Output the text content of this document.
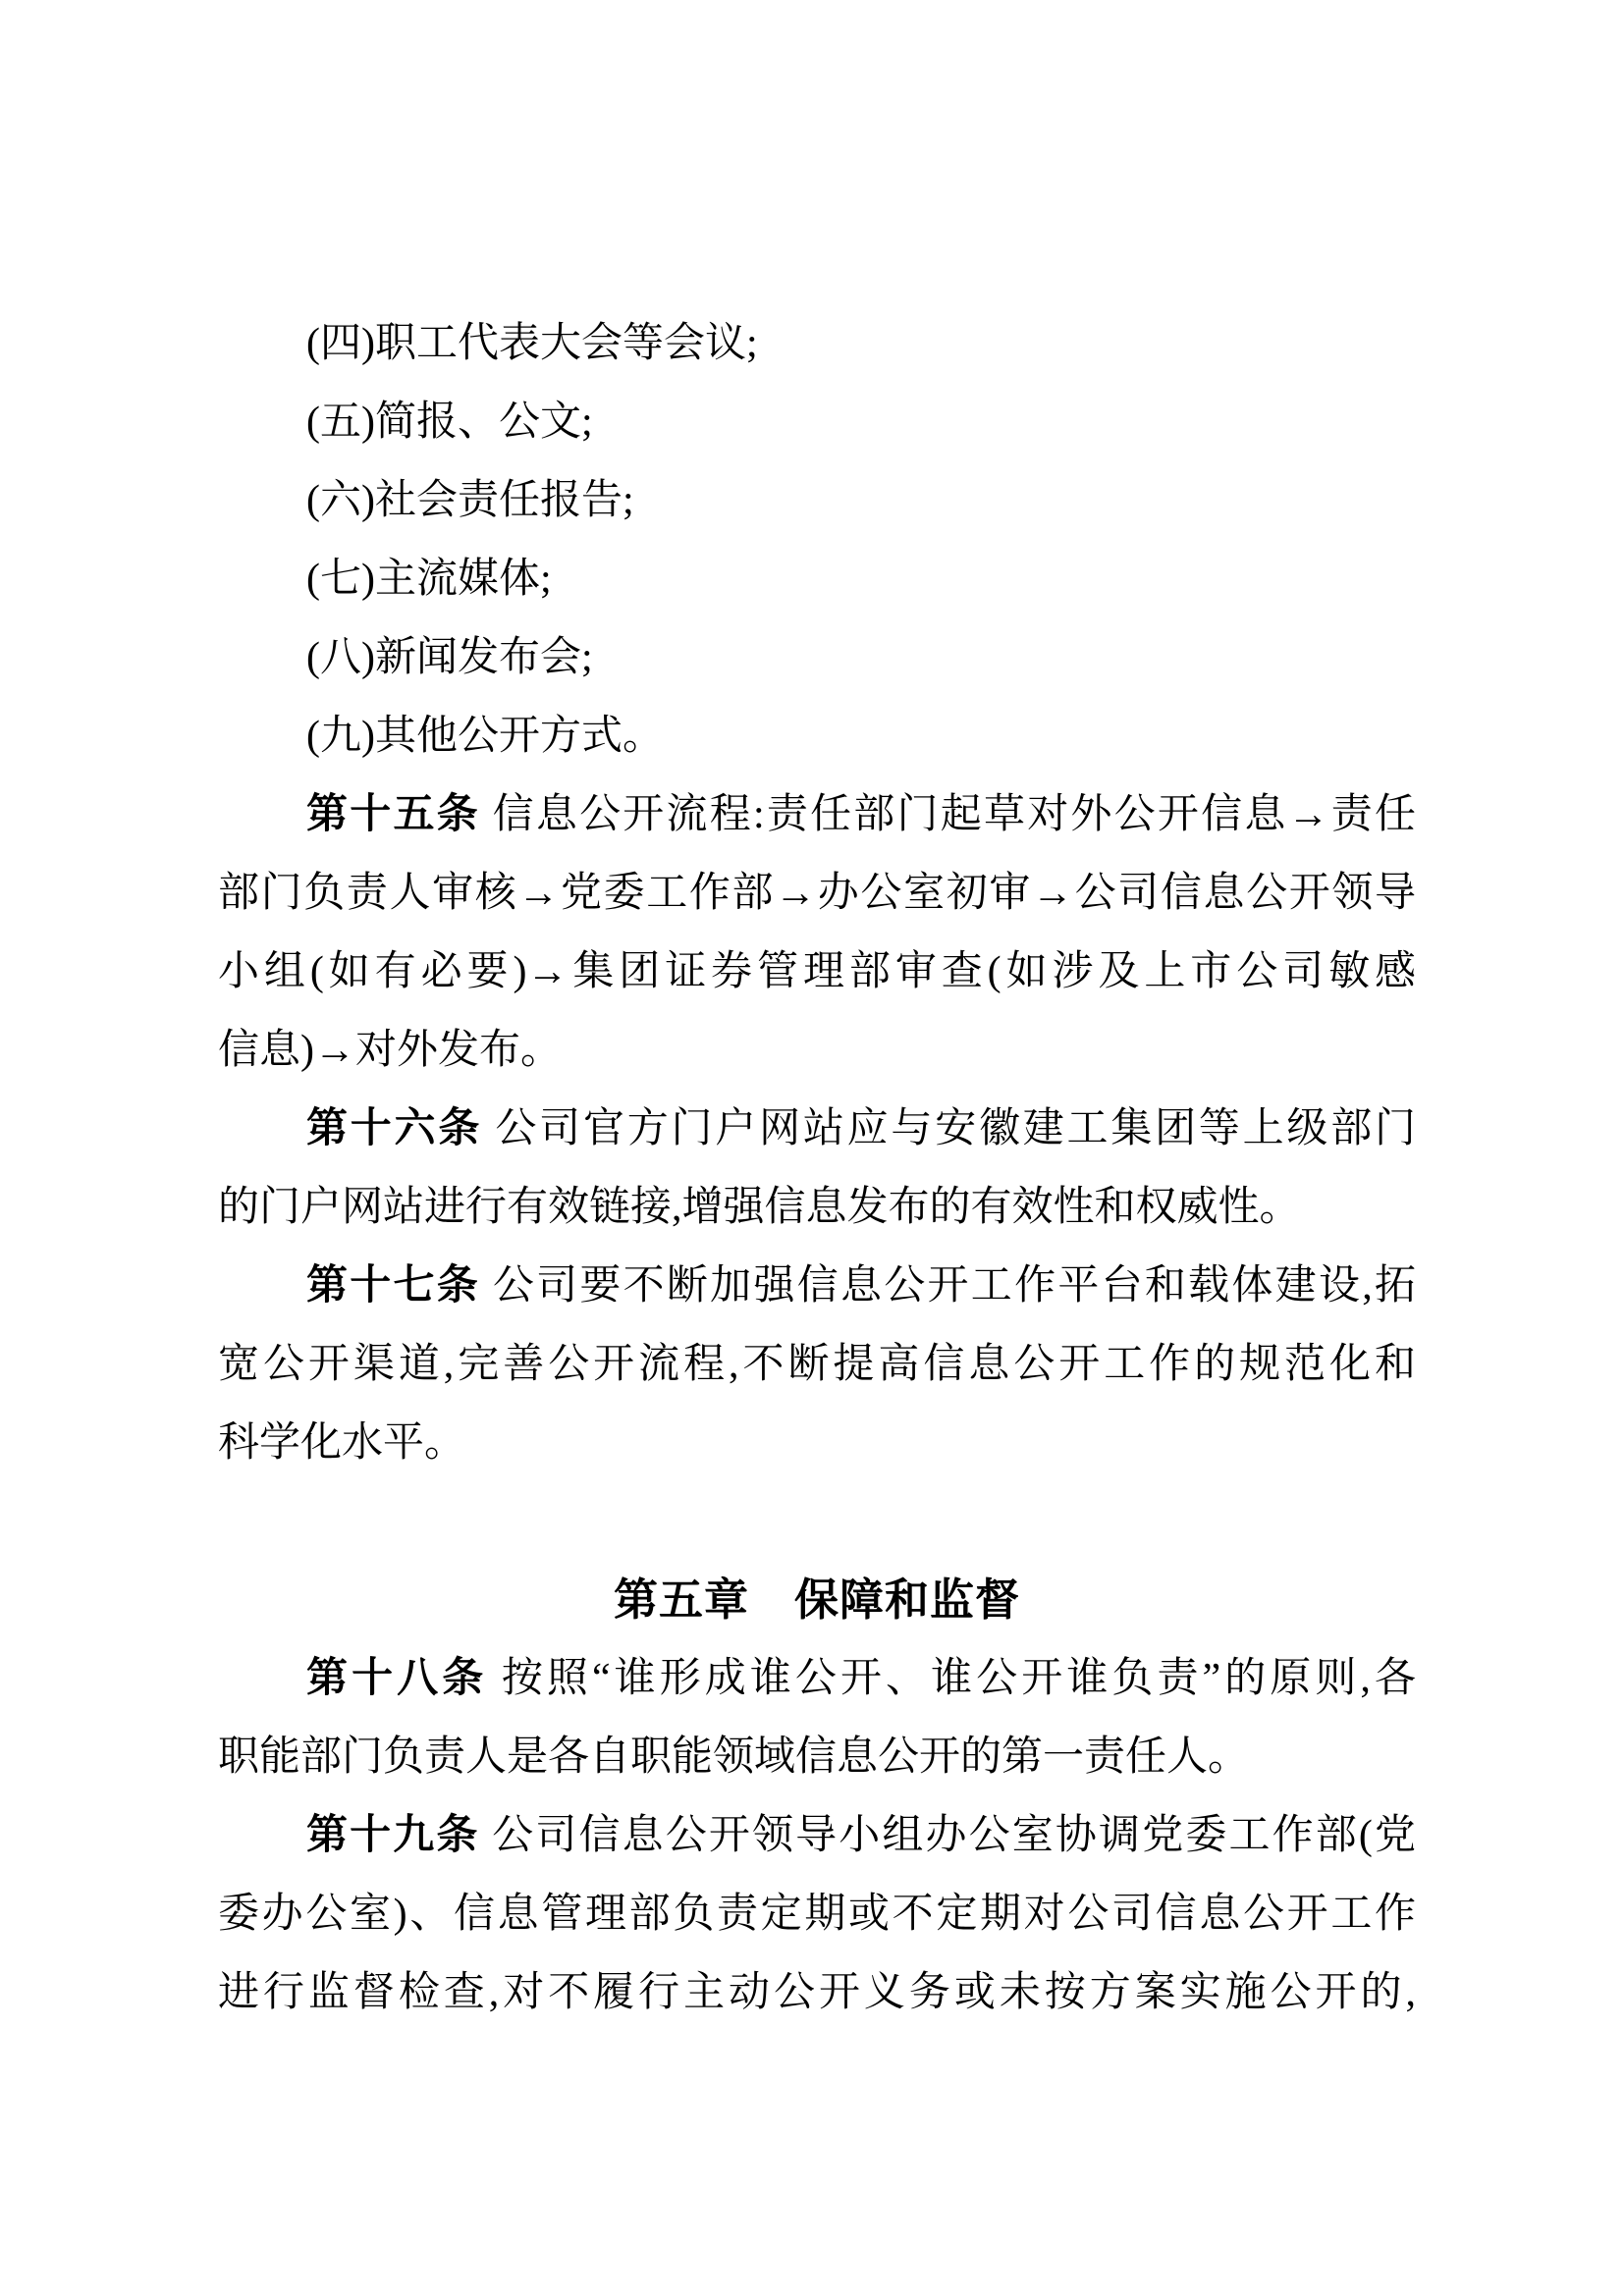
(四)职工代表大会等会议;
(五)简报、公文;
(六)社会责任报告;
(七)主流媒体;
(八)新闻发布会;
(九)其他公开方式。
第十五条 信息公开流程:责任部门起草对外公开信息→责任
部门负责人审核→党委工作部→办公室初审→公司信息公开领导
小组(如有必要)→集团证券管理部审查(如涉及上市公司敏感
信息)→对外发布。
第十六条 公司官方门户网站应与安徽建工集团等上级部门
的门户网站进行有效链接,增强信息发布的有效性和权威性。
第十七条 公司要不断加强信息公开工作平台和载体建设,拓
宽公开渠道,完善公开流程,不断提高信息公开工作的规范化和
科学化水平。
第五章　保障和监督
第十八条 按照“谁形成谁公开、谁公开谁负责”的原则,各
职能部门负责人是各自职能领域信息公开的第一责任人。
第十九条 公司信息公开领导小组办公室协调党委工作部(党
委办公室)、信息管理部负责定期或不定期对公司信息公开工作
进行监督检查,对不履行主动公开义务或未按方案实施公开的,
